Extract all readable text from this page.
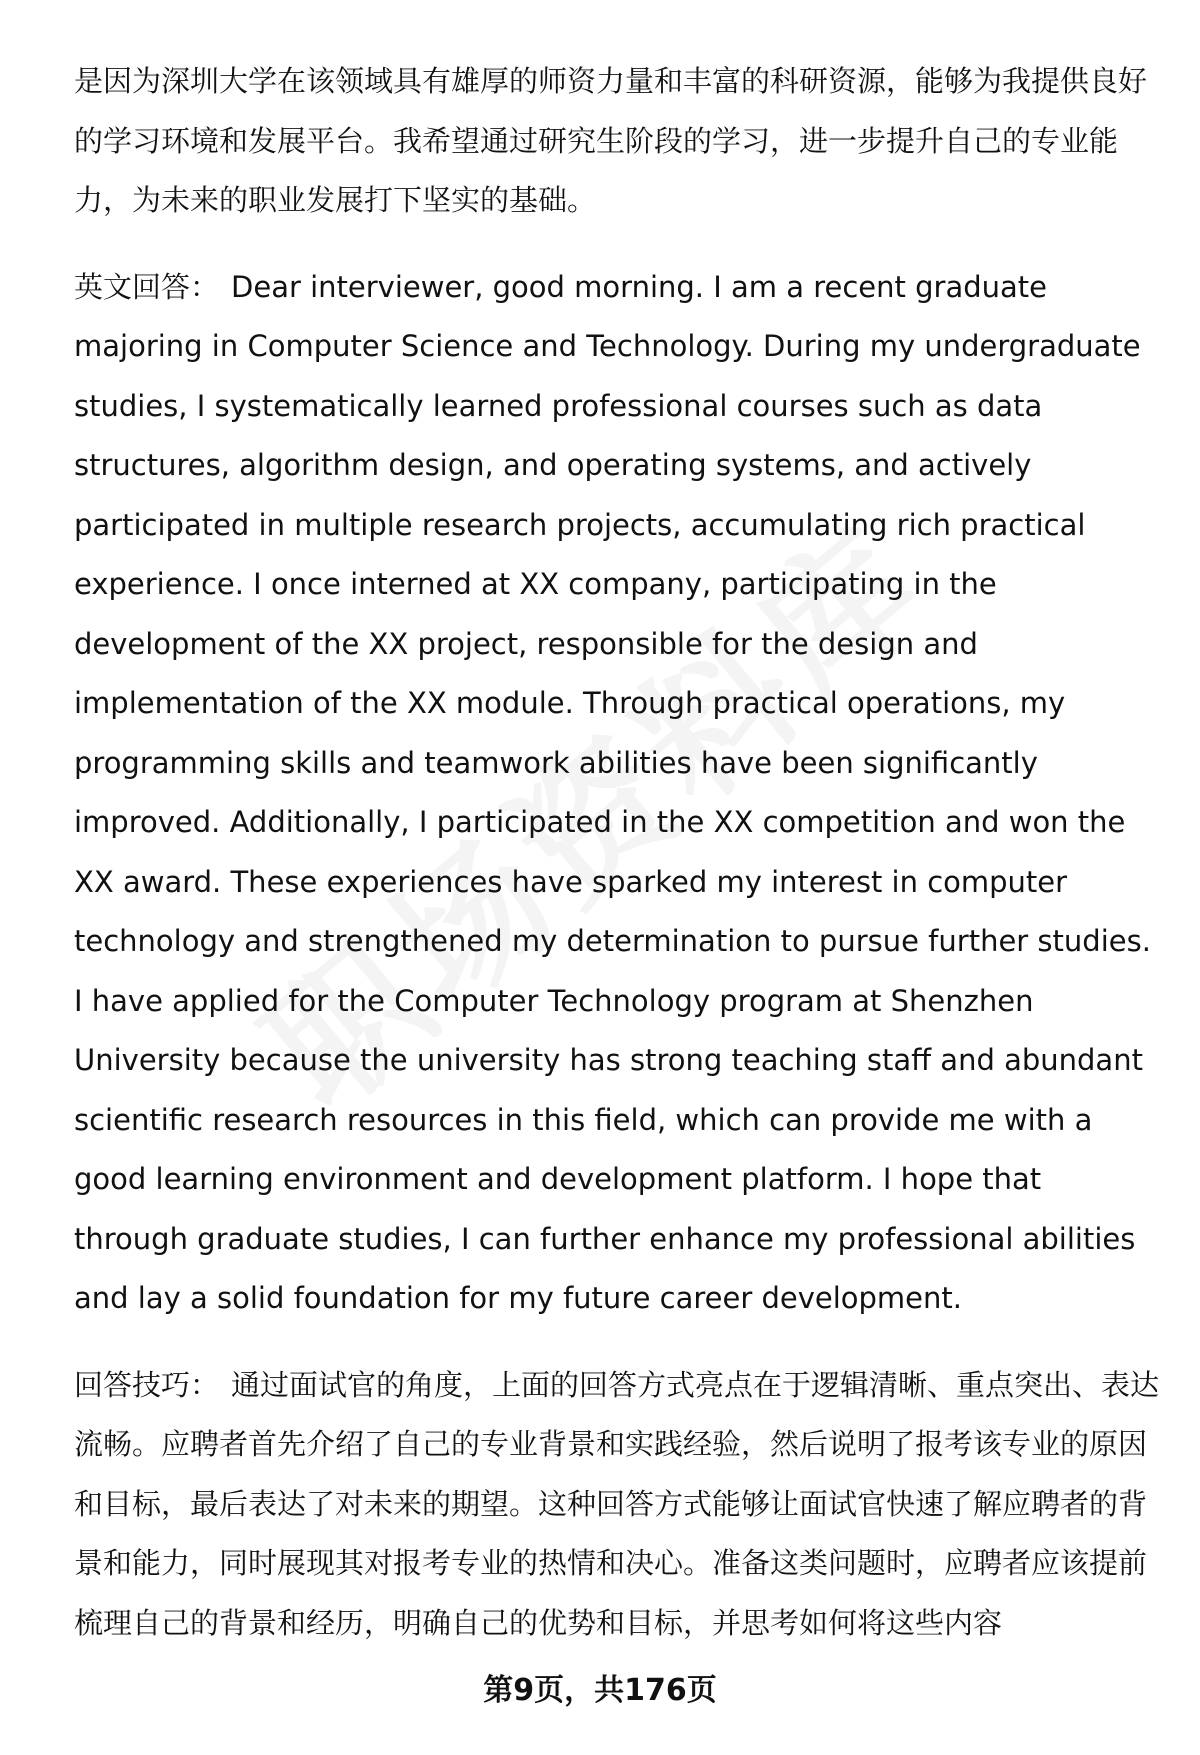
是因为深圳大学在该领域具有雄厚的师资力量和丰富的科研资源，能够为我提供良好的学习环境和发展平台。我希望通过研究生阶段的学习，进一步提升自己的专业能力，为未来的职业发展打下坚实的基础。

英文回答： Dear interviewer, good morning. I am a recent graduate majoring in Computer Science and Technology. During my undergraduate studies, I systematically learned professional courses such as data structures, algorithm design, and operating systems, and actively participated in multiple research projects, accumulating rich practical experience. I once interned at XX company, participating in the development of the XX project, responsible for the design and implementation of the XX module. Through practical operations, my programming skills and teamwork abilities have been significantly improved. Additionally, I participated in the XX competition and won the XX award. These experiences have sparked my interest in computer technology and strengthened my determination to pursue further studies. I have applied for the Computer Technology program at Shenzhen University because the university has strong teaching staff and abundant scientific research resources in this field, which can provide me with a good learning environment and development platform. I hope that through graduate studies, I can further enhance my professional abilities and lay a solid foundation for my future career development.

回答技巧： 通过面试官的角度，上面的回答方式亮点在于逻辑清晰、重点突出、表达流畅。应聘者首先介绍了自己的专业背景和实践经验，然后说明了报考该专业的原因和目标，最后表达了对未来的期望。这种回答方式能够让面试官快速了解应聘者的背景和能力，同时展现其对报考专业的热情和决心。准备这类问题时，应聘者应该提前梳理自己的背景和经历，明确自己的优势和目标，并思考如何将这些内容

第9页，共176页
